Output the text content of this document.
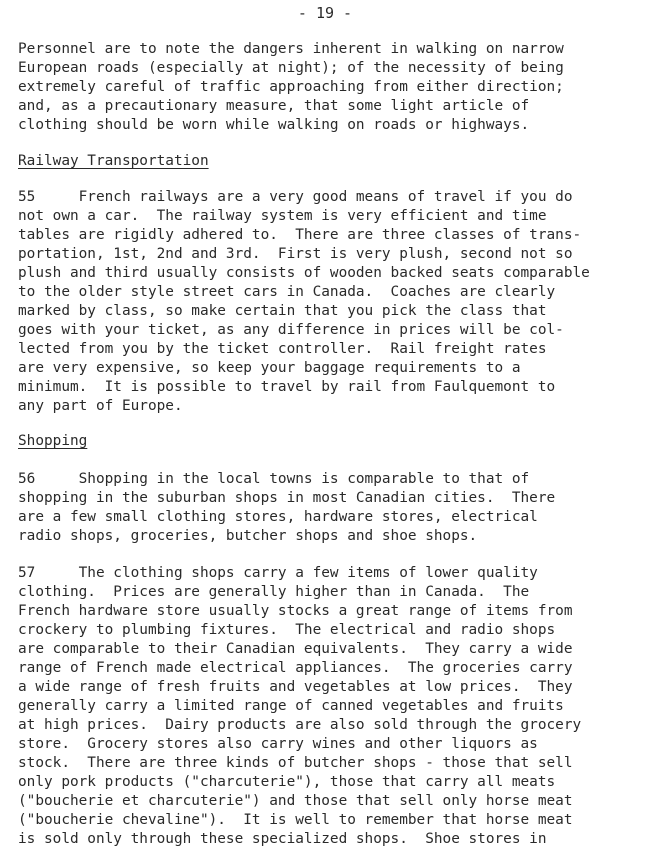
- 19 -
Personnel are to note the dangers inherent in walking on narrow
European roads (especially at night); of the necessity of being
extremely careful of traffic approaching from either direction;
and, as a precautionary measure, that some light article of
clothing should be worn while walking on roads or highways.
Railway Transportation
55     French railways are a very good means of travel if you do
not own a car.  The railway system is very efficient and time
tables are rigidly adhered to.  There are three classes of trans-
portation, 1st, 2nd and 3rd.  First is very plush, second not so
plush and third usually consists of wooden backed seats comparable
to the older style street cars in Canada.  Coaches are clearly
marked by class, so make certain that you pick the class that
goes with your ticket, as any difference in prices will be col-
lected from you by the ticket controller.  Rail freight rates
are very expensive, so keep your baggage requirements to a
minimum.  It is possible to travel by rail from Faulquemont to
any part of Europe.
Shopping
56     Shopping in the local towns is comparable to that of
shopping in the suburban shops in most Canadian cities.  There
are a few small clothing stores, hardware stores, electrical
radio shops, groceries, butcher shops and shoe shops.
57     The clothing shops carry a few items of lower quality
clothing.  Prices are generally higher than in Canada.  The
French hardware store usually stocks a great range of items from
crockery to plumbing fixtures.  The electrical and radio shops
are comparable to their Canadian equivalents.  They carry a wide
range of French made electrical appliances.  The groceries carry
a wide range of fresh fruits and vegetables at low prices.  They
generally carry a limited range of canned vegetables and fruits
at high prices.  Dairy products are also sold through the grocery
store.  Grocery stores also carry wines and other liquors as
stock.  There are three kinds of butcher shops - those that sell
only pork products ("charcuterie"), those that carry all meats
("boucherie et charcuterie") and those that sell only horse meat
("boucherie chevaline").  It is well to remember that horse meat
is sold only through these specialized shops.  Shoe stores in
